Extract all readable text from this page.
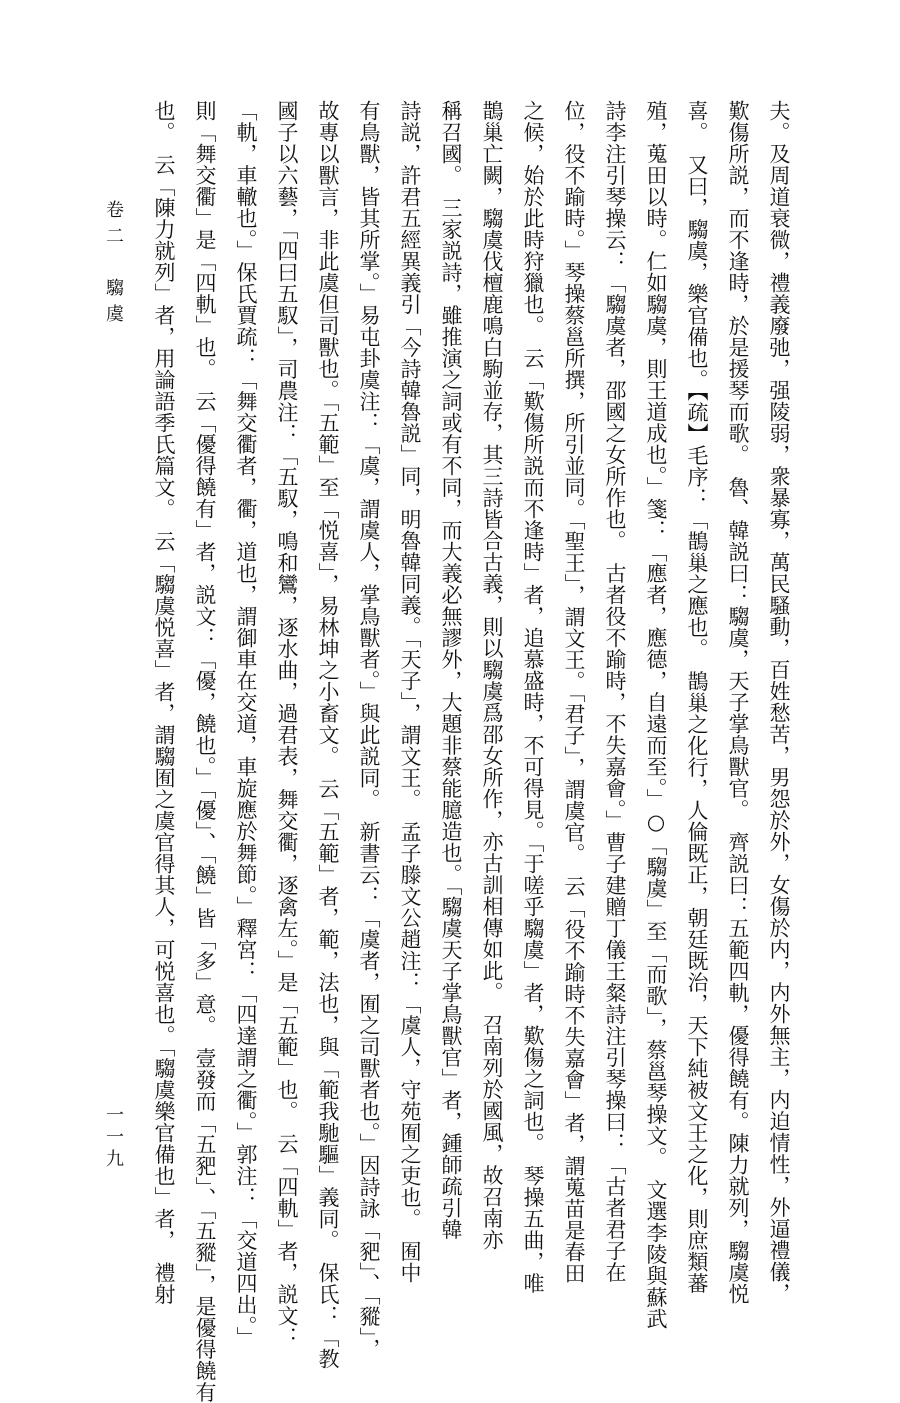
夫。及周道衰微，禮義廢弛，强陵弱，衆暴寡，萬民騷動，百姓愁苦，男怨於外，女傷於内，内外無主，内迫情性，外逼禮儀，
歎傷所説，而不逢時，於是援琴而歌。　魯、韓説曰：騶虞，天子掌鳥獸官。　齊説曰：五範四軌，優得饒有。陳力就列，騶虞悦
喜。　又曰，騶虞，樂官備也。【疏】毛序：「鵲巢之應也。　鵲巢之化行，人倫既正，朝廷既治，天下純被文王之化，則庶類蕃
殖，蒐田以時。仁如騶虞，則王道成也。」箋：「應者，應德，自遠而至。」○「騶虞」至「而歌」，蔡邕琴操文。　文選李陵與蘇武
詩李注引琴操云：「騶虞者，邵國之女所作也。　古者役不踰時，不失嘉會。」曹子建贈丁儀王粲詩注引琴操曰：「古者君子在
位，役不踰時。」琴操蔡邕所撰，所引並同。「聖王」，謂文王。「君子」，謂虞官。　云「役不踰時不失嘉會」者，謂蒐苗是春田
之候，始於此時狩獵也。　云「歎傷所説而不逢時」者，追慕盛時，不可得見。「于嗟乎騶虞」者，歎傷之詞也。　琴操五曲，唯
鵲巢亡闕，騶虞伐檀鹿鳴白駒並存，其三詩皆合古義，則以騶虞爲邵女所作，亦古訓相傳如此。　召南列於國風，故召南亦
稱召國。　三家説詩，雖推演之詞或有不同，而大義必無謬外，大題非蔡能臆造也。「騶虞天子掌鳥獸官」者，鍾師疏引韓
詩説，許君五經異義引「今詩韓魯説」同，明魯韓同義。「天子」，謂文王。　孟子滕文公趙注：「虞人，守苑囿之吏也。　囿中
有鳥獸，皆其所掌。」易屯卦虞注：「虞，謂虞人，掌鳥獸者。」與此説同。　新書云：「虞者，囿之司獸者也。」因詩詠「豝」、「豵」，
故專以獸言，非此虞但司獸也。「五範」至「悦喜」，易林坤之小畜文。　云「五範」者，範，法也，與「範我馳驅」義同。　保氏：「教
國子以六藝，「四曰五馭」，司農注：「五馭，鳴和鸞，逐水曲，過君表，舞交衢，逐禽左。」是「五範」也。　云「四軌」者，説文：
「軌，車轍也。」保氏賈疏：「舞交衢者，衢，道也，謂御車在交道，車旋應於舞節。」釋宮：「四達謂之衢。」郭注：「交道四出。」
則「舞交衢」是「四軌」也。　云「優得饒有」者，説文：「優，饒也。」「優」、「饒」皆「多」意。　壹發而「五豝」、「五豵」，是優得饒有
也。　云「陳力就列」者，用論語季氏篇文。　云「騶虞悦喜」者，謂騶囿之虞官得其人，可悦喜也。「騶虞樂官備也」者，　禮射
卷二　騶虞
一一九
